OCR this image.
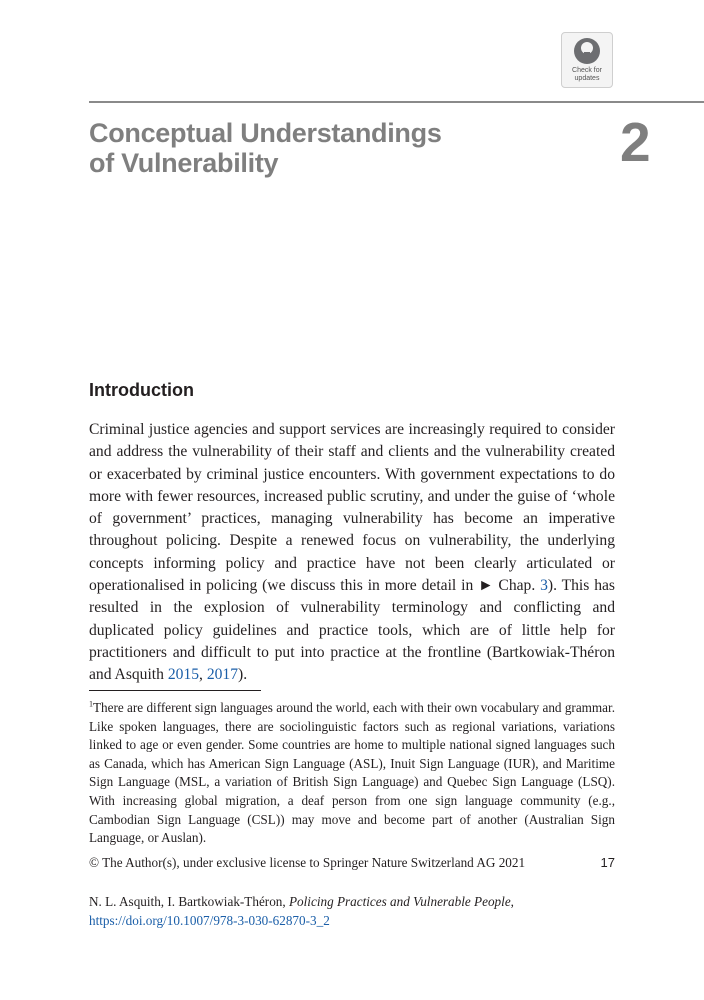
Check for
updates
Conceptual Understandings
of Vulnerability	2
Introduction

Criminal justice agencies and support services are increasingly required to consider and address the vulnerability of their staff and clients and the vulnerability created or exacerbated by criminal justice encounters. With government expectations to do more with fewer resources, increased public scrutiny, and under the guise of ‘whole of government’ practices, managing vulnerability has become an imperative throughout policing. Despite a renewed focus on vulnerability, the underlying concepts informing policy and practice have not been clearly articulated or operationalised in policing (we discuss this in more detail in ► Chap. 3). This has resulted in the explosion of vulnerability terminology and conflicting and duplicated policy guidelines and practice tools, which are of little help for practitioners and difficult to put into practice at the frontline (Bartkowiak-Théron and Asquith 2015, 2017).

$^1$There are different sign languages around the world, each with their own vocabulary and grammar. Like spoken languages, there are sociolinguistic factors such as regional variations, variations linked to age or even gender. Some countries are home to multiple national signed languages such as Canada, which has American Sign Language (ASL), Inuit Sign Language (IUR), and Maritime Sign Language (MSL, a variation of British Sign Language) and Quebec Sign Language (LSQ). With increasing global migration, a deaf person from one sign language community (e.g., Cambodian Sign Language (CSL)) may move and become part of another (Australian Sign Language, or Auslan).

© The Author(s), under exclusive license to Springer Nature Switzerland AG 2021	17

N. L. Asquith, I. Bartkowiak-Théron, Policing Practices and Vulnerable People, https://doi.org/10.1007/978-3-030-62870-3_2
